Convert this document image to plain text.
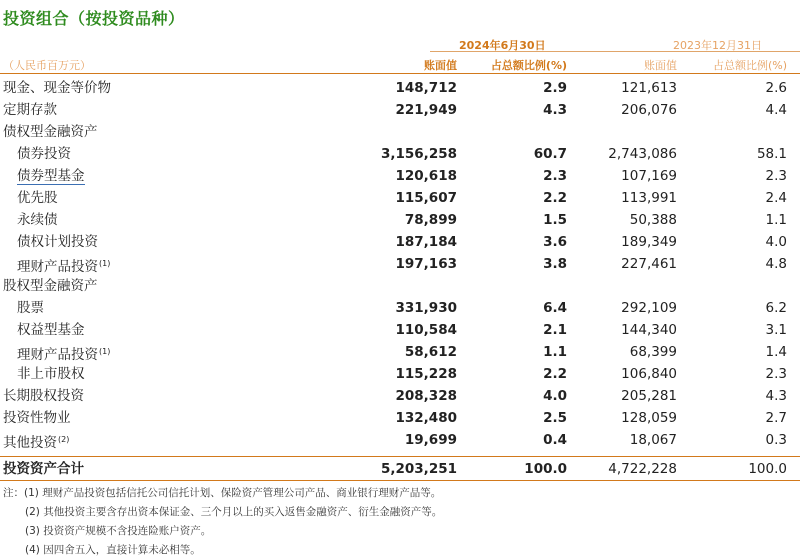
投资组合（按投资品种）
2024年6月30日	2023年12月31日
（人民币百万元）	账面值	占总额比例(%)	账面值	占总额比例(%)
现金、现金等价物	148,712	2.9	121,613	2.6
定期存款	221,949	4.3	206,076	4.4
债权型金融资产
债券投资	3,156,258	60.7	2,743,086	58.1
债券型基金	120,618	2.3	107,169	2.3
优先股	115,607	2.2	113,991	2.4
永续债	78,899	1.5	50,388	1.1
债权计划投资	187,184	3.6	189,349	4.0
理财产品投资$^{(1)}$	197,163	3.8	227,461	4.8
股权型金融资产
股票	331,930	6.4	292,109	6.2
权益型基金	110,584	2.1	144,340	3.1
理财产品投资$^{(1)}$	58,612	1.1	68,399	1.4
非上市股权	115,228	2.2	106,840	2.3
长期股权投资	208,328	4.0	205,281	4.3
投资性物业	132,480	2.5	128,059	2.7
其他投资$^{(2)}$	19,699	0.4	18,067	0.3
投资资产合计	5,203,251	100.0	4,722,228	100.0
注：(1) 理财产品投资包括信托公司信托计划、保险资产管理公司产品、商业银行理财产品等。
(2) 其他投资主要含存出资本保证金、三个月以上的买入返售金融资产、衍生金融资产等。
(3) 投资资产规模不含投连险账户资产。
(4) 因四舍五入，直接计算未必相等。
